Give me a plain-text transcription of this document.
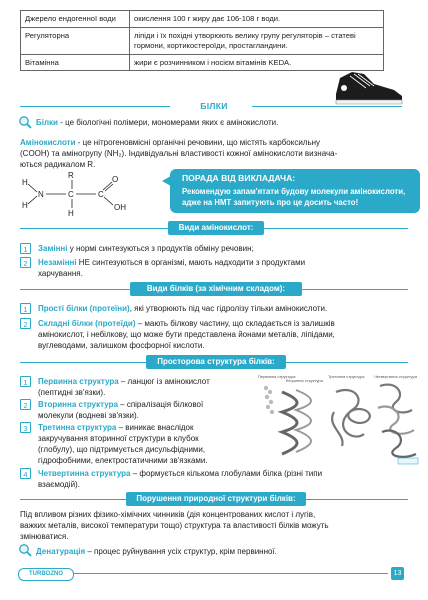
Джерело ендогенної води	окислення 100 г жиру дає 106-108 г води.
Регуляторна	ліпіди і їх похідні утворюють велику групу регуляторів – статеві гормони, кортикостероїди, простагландини.
Вітамінна	жири є розчинником і носієм вітамінів KEDA.
БІЛКИ
Білки - це біологічні полімери, мономерами яких є амінокислоти.
Амінокислоти - це нітрогеновмісні органічні речовини, що містять карбоксильну
(COOH) та аміногрупу (NH₂). Індивідуальні властивості кожної амінокислоти визнача-
ються радикалом R.
H
H
N	C
R
H
C
O
OH
ПОРАДА ВІД ВИКЛАДАЧА:
Рекомендую запам'ятати будову молекули амінокислоти,
адже на НМТ запитують про це досить часто!
Види амінокислот:
1	Замінні у нормі синтезуються з продуктів обміну речовин;
2	Незамінні НЕ синтезуються в організмі, мають надходити з продуктами
харчування.
Види білків (за хімічним складом):
1	Прості білки (протеїни), які утворюють під час гідролізу тільки амінокислоти.
2	Складні білки (протеїди) – мають білкову частину, що складається із залишків
амінокислот, і небілкову, що може бути представлена йонами металів, ліпідами,
вуглеводами, залишком фосфорної кислоти.
Просторова структура білків:
1	Первинна структура – ланцюг із амінокислот
(пептидні зв'язки).
2	Вторинна структура – спіралізація білкової
молекули (водневі зв'язки).
3	Третинна структура – виникає внаслідок
закручування вторинної структури в клубок
(глобулу), що підтримується дисульфідними,
гідрофобними, електростатичними зв'язками.
4	Четвертинна структура – формується кількома глобулами білка (різні типи
взаємодій).
Первинна структура
Вторинна структура
Третинна структура Четвертинна структура
Порушення природної структури білків:
Під впливом різних фізико-хімічних чинників (дія концентрованих кислот і лугів,
важких металів, високої температури тощо) структура та властивості білків можуть
змінюватися.
Денатурація – процес руйнування усіх структур, крім первинної.
TURBOZNO	13
